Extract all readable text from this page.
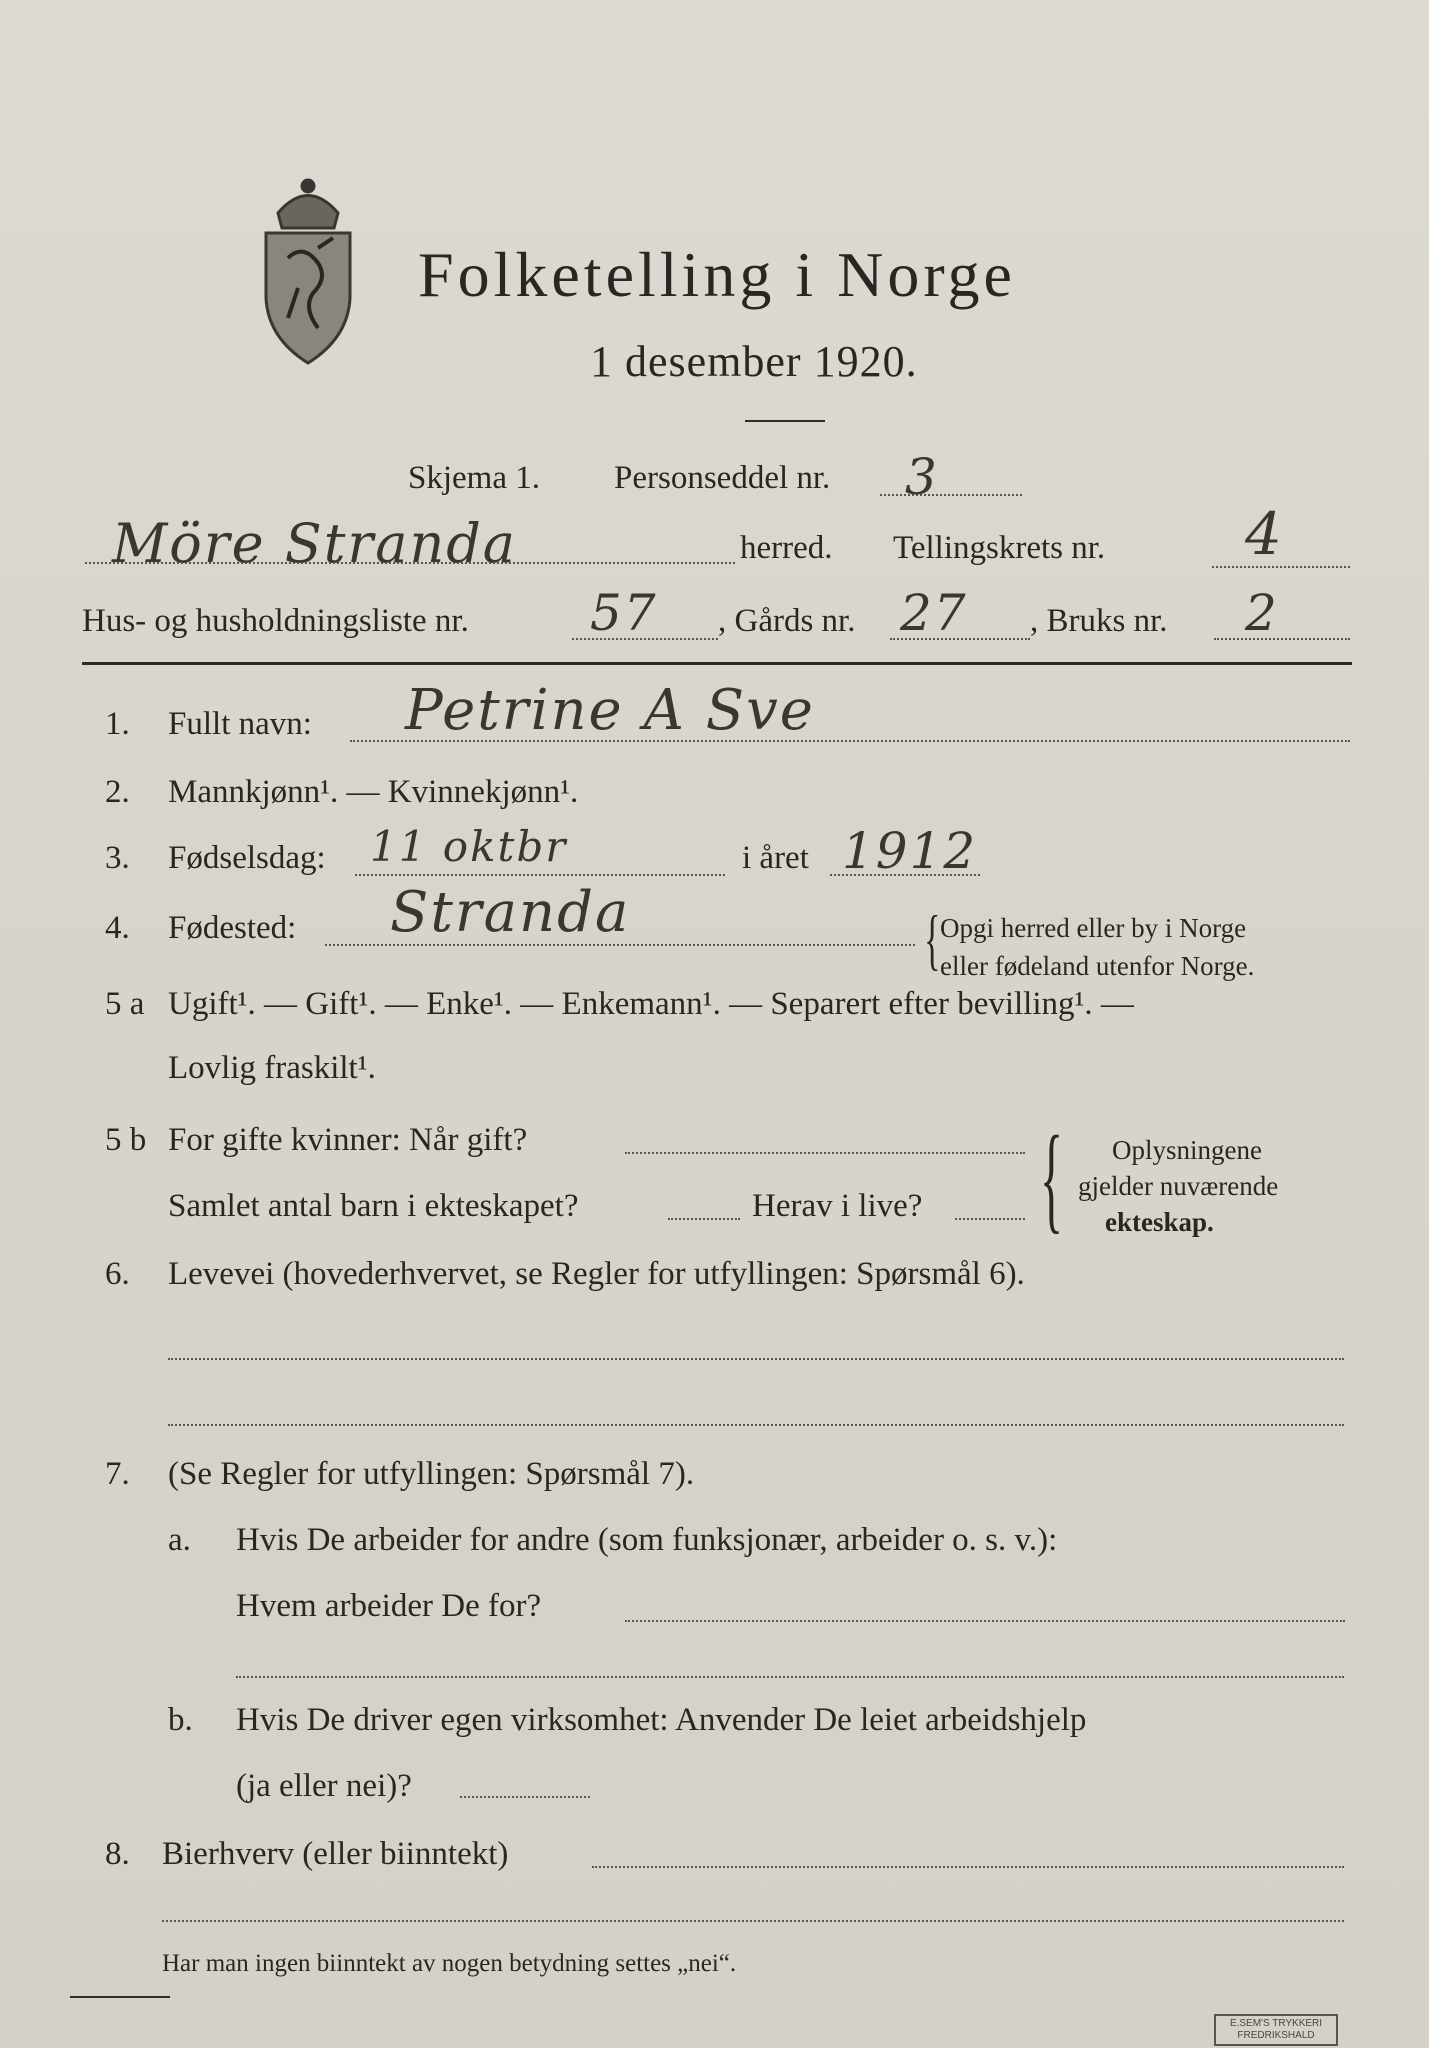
Folketelling i Norge
1 desember 1920.
Skjema 1. Personseddel nr. 3
Möre Stranda	herred. Tellingskrets nr. 4
Hus- og husholdningsliste nr. 57 , Gårds nr. 27 , Bruks nr. 2
1. Fullt navn: Petrine A Sve
2. Mannkjønn¹. — Kvinnekjønn¹.
3. Fødselsdag: 11 oktbr	i året 1912
4. Fødested: Stranda	{ Opgi herred eller by i Norge
eller fødeland utenfor Norge.
5 a Ugift¹. — Gift¹. — Enke¹. — Enkemann¹. — Separert efter bevilling¹. —
Lovlig fraskilt¹.
5 b For gifte kvinner: Når gift?
Samlet antal barn i ekteskapet?	Herav i live? { Oplysningene
gjelder nuværende
ekteskap.
6. Levevei (hovederhvervet, se Regler for utfyllingen: Spørsmål 6).
7. (Se Regler for utfyllingen: Spørsmål 7).
a. Hvis De arbeider for andre (som funksjonær, arbeider o. s. v.):
Hvem arbeider De for?
b. Hvis De driver egen virksomhet: Anvender De leiet arbeidshjelp
(ja eller nei)?
8. Bierhverv (eller biinntekt)
Har man ingen biinntekt av nogen betydning settes „nei“.
E.SEM'S TRYKKERI FREDRIKSHALD
